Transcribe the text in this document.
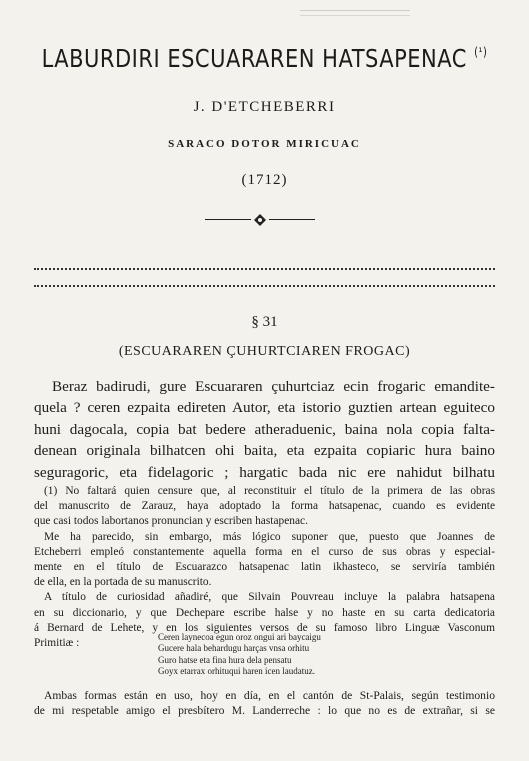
LABURDIRI ESCUARAREN HATSAPENAC $^{(^1)}$
J. D'ETCHEBERRI
SARACO DOTOR MIRICUAC
(1712)
§ 31
(ESCUARAREN ÇUHURTCIAREN FROGAC)
Beraz badirudi, gure Escuararen çuhurtciaz ecin frogaric emandite-
quela ? ceren ezpaita edireten Autor, eta istorio guztien artean eguiteco
huni dagocala, copia bat bedere atheraduenic, baina nola copia falta-
denean originala bilhatcen ohi baita, eta ezpaita copiaric hura baino
seguragoric, eta fidelagoric ; hargatic bada nic ere nahidut bilhatu
(1) No faltará quien censure que, al reconstituir el título de la primera de las obras
del manuscrito de Zarauz, haya adoptado la forma hatsapenac, cuando es evidente
que casi todos labortanos pronuncian y escriben hastapenac.
Me ha parecido, sin embargo, más lógico suponer que, puesto que Joannes de
Etcheberri empleó constantemente aquella forma en el curso de sus obras y especial-
mente en el título de Escuarazco hatsapenac latin ikhasteco, se serviría también
de ella, en la portada de su manuscrito.
A título de curiosidad añadiré, que Silvain Pouvreau incluye la palabra hatsapena
en su diccionario, y que Dechepare escribe halse y no haste en su carta dedicatoria
á Bernard de Lehete, y en los siguientes versos de su famoso libro Linguæ Vasconum
Primitiæ :
Ceren laynecoa egun oroz ongui ari baycaigu
Gucere hala behardugu harças vnsa orhitu
Guro hatse eta fina hura dela pensatu
Goyx etarrax orhituqui haren icen laudatuz.
Ambas formas están en uso, hoy en día, en el cantón de St-Palais, según testimonio
de mi respetable amigo el presbítero M. Landerreche : lo que no es de extrañar, si se
